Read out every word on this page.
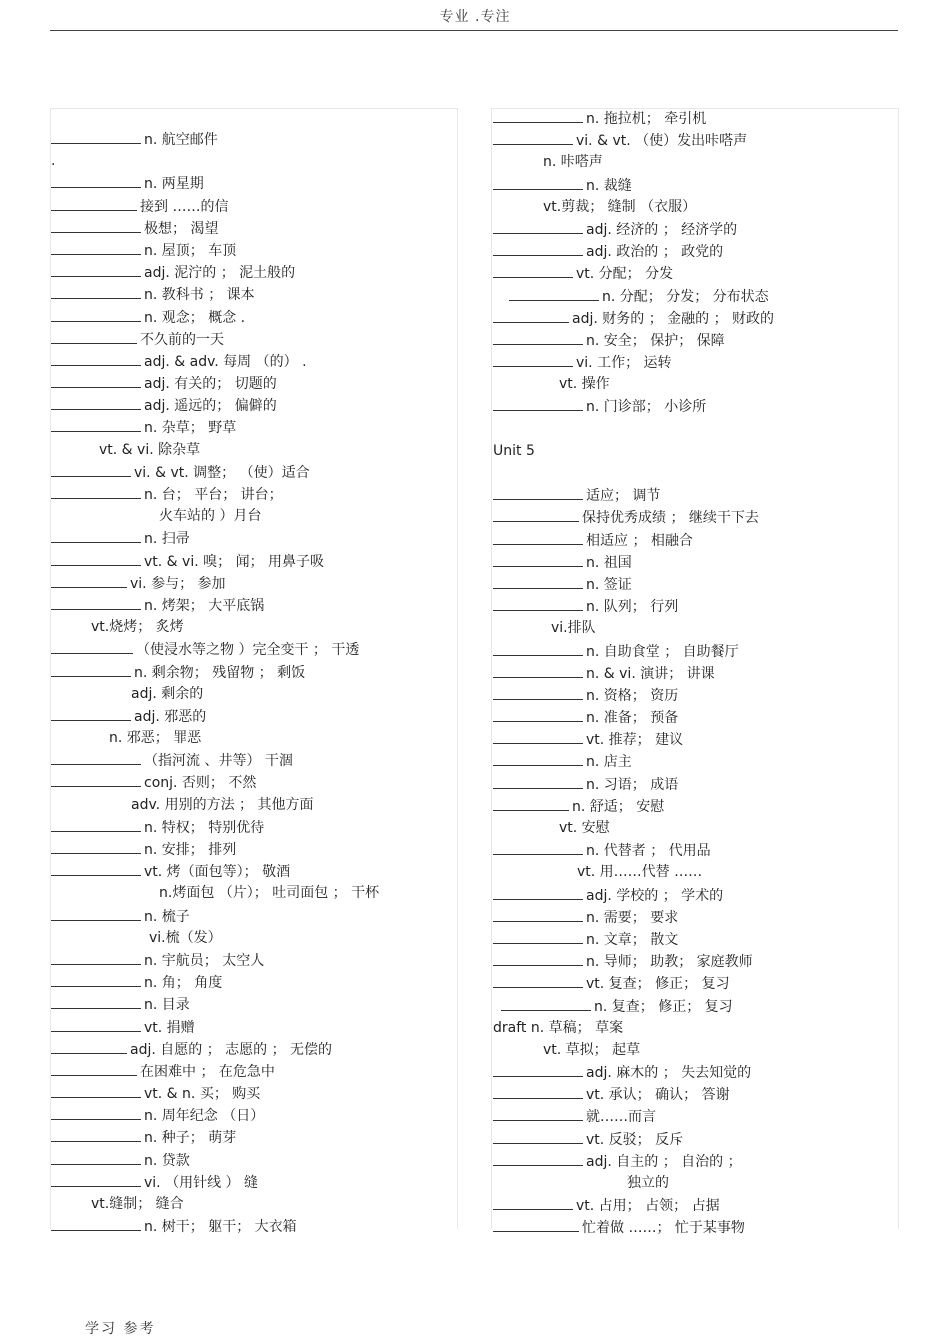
专业 .专注
n. 航空邮件
.
n. 两星期
接到 ……的信
极想； 渴望
n. 屋顶； 车顶
adj. 泥泞的 ； 泥土般的
n. 教科书 ； 课本
n. 观念； 概念 .
不久前的一天
adj. & adv. 每周 （的） .
adj. 有关的； 切题的
adj. 遥远的； 偏僻的
n. 杂草； 野草
vt. & vi. 除杂草
vi. & vt. 调整； （使）适合
n. 台； 平台； 讲台；
火车站的 ）月台
n. 扫帚
vt. & vi. 嗅； 闻； 用鼻子吸
vi. 参与； 参加
n. 烤架； 大平底锅
vt.烧烤； 炙烤
（使浸水等之物 ）完全变干 ； 干透
n. 剩余物； 残留物 ； 剩饭
adj. 剩余的
adj. 邪恶的
n. 邪恶； 罪恶
（指河流 、井等） 干涸
conj. 否则； 不然
adv. 用别的方法 ； 其他方面
n. 特权； 特别优待
n. 安排； 排列
vt. 烤（面包等）； 敬酒
n.烤面包 （片）； 吐司面包 ； 干杯
n. 梳子
vi.梳（发）
n. 宇航员； 太空人
n. 角； 角度
n. 目录
vt. 捐赠
adj. 自愿的 ； 志愿的 ； 无偿的
在困难中 ； 在危急中
vt. & n. 买； 购买
n. 周年纪念 （日）
n. 种子； 萌芽
n. 贷款
vi. （用针线 ） 缝
vt.缝制； 缝合
n. 树干； 躯干； 大衣箱
n. 拖拉机； 牵引机
vi. & vt. （使）发出咔嗒声
n. 咔嗒声
n. 裁缝
vt.剪裁； 缝制 （衣服）
adj. 经济的 ； 经济学的
adj. 政治的 ； 政党的
vt. 分配； 分发
n. 分配； 分发； 分布状态
adj. 财务的 ； 金融的 ； 财政的
n. 安全； 保护； 保障
vi. 工作； 运转
vt. 操作
n. 门诊部； 小诊所
Unit 5
适应； 调节
保持优秀成绩 ； 继续干下去
相适应 ； 相融合
n. 祖国
n. 签证
n. 队列； 行列
vi.排队
n. 自助食堂 ； 自助餐厅
n. & vi. 演讲； 讲课
n. 资格； 资历
n. 准备； 预备
vt. 推荐； 建议
n. 店主
n. 习语； 成语
n. 舒适； 安慰
vt. 安慰
n. 代替者 ； 代用品
vt. 用……代替 ……
adj. 学校的 ； 学术的
n. 需要； 要求
n. 文章； 散文
n. 导师； 助教； 家庭教师
vt. 复查； 修正； 复习
n. 复查； 修正； 复习
draft n. 草稿； 草案
vt. 草拟； 起草
adj. 麻木的 ； 失去知觉的
vt. 承认； 确认； 答谢
就……而言
vt. 反驳； 反斥
adj. 自主的 ； 自治的 ；
独立的
vt. 占用； 占领； 占据
忙着做 ……； 忙于某事物
学习 参考
